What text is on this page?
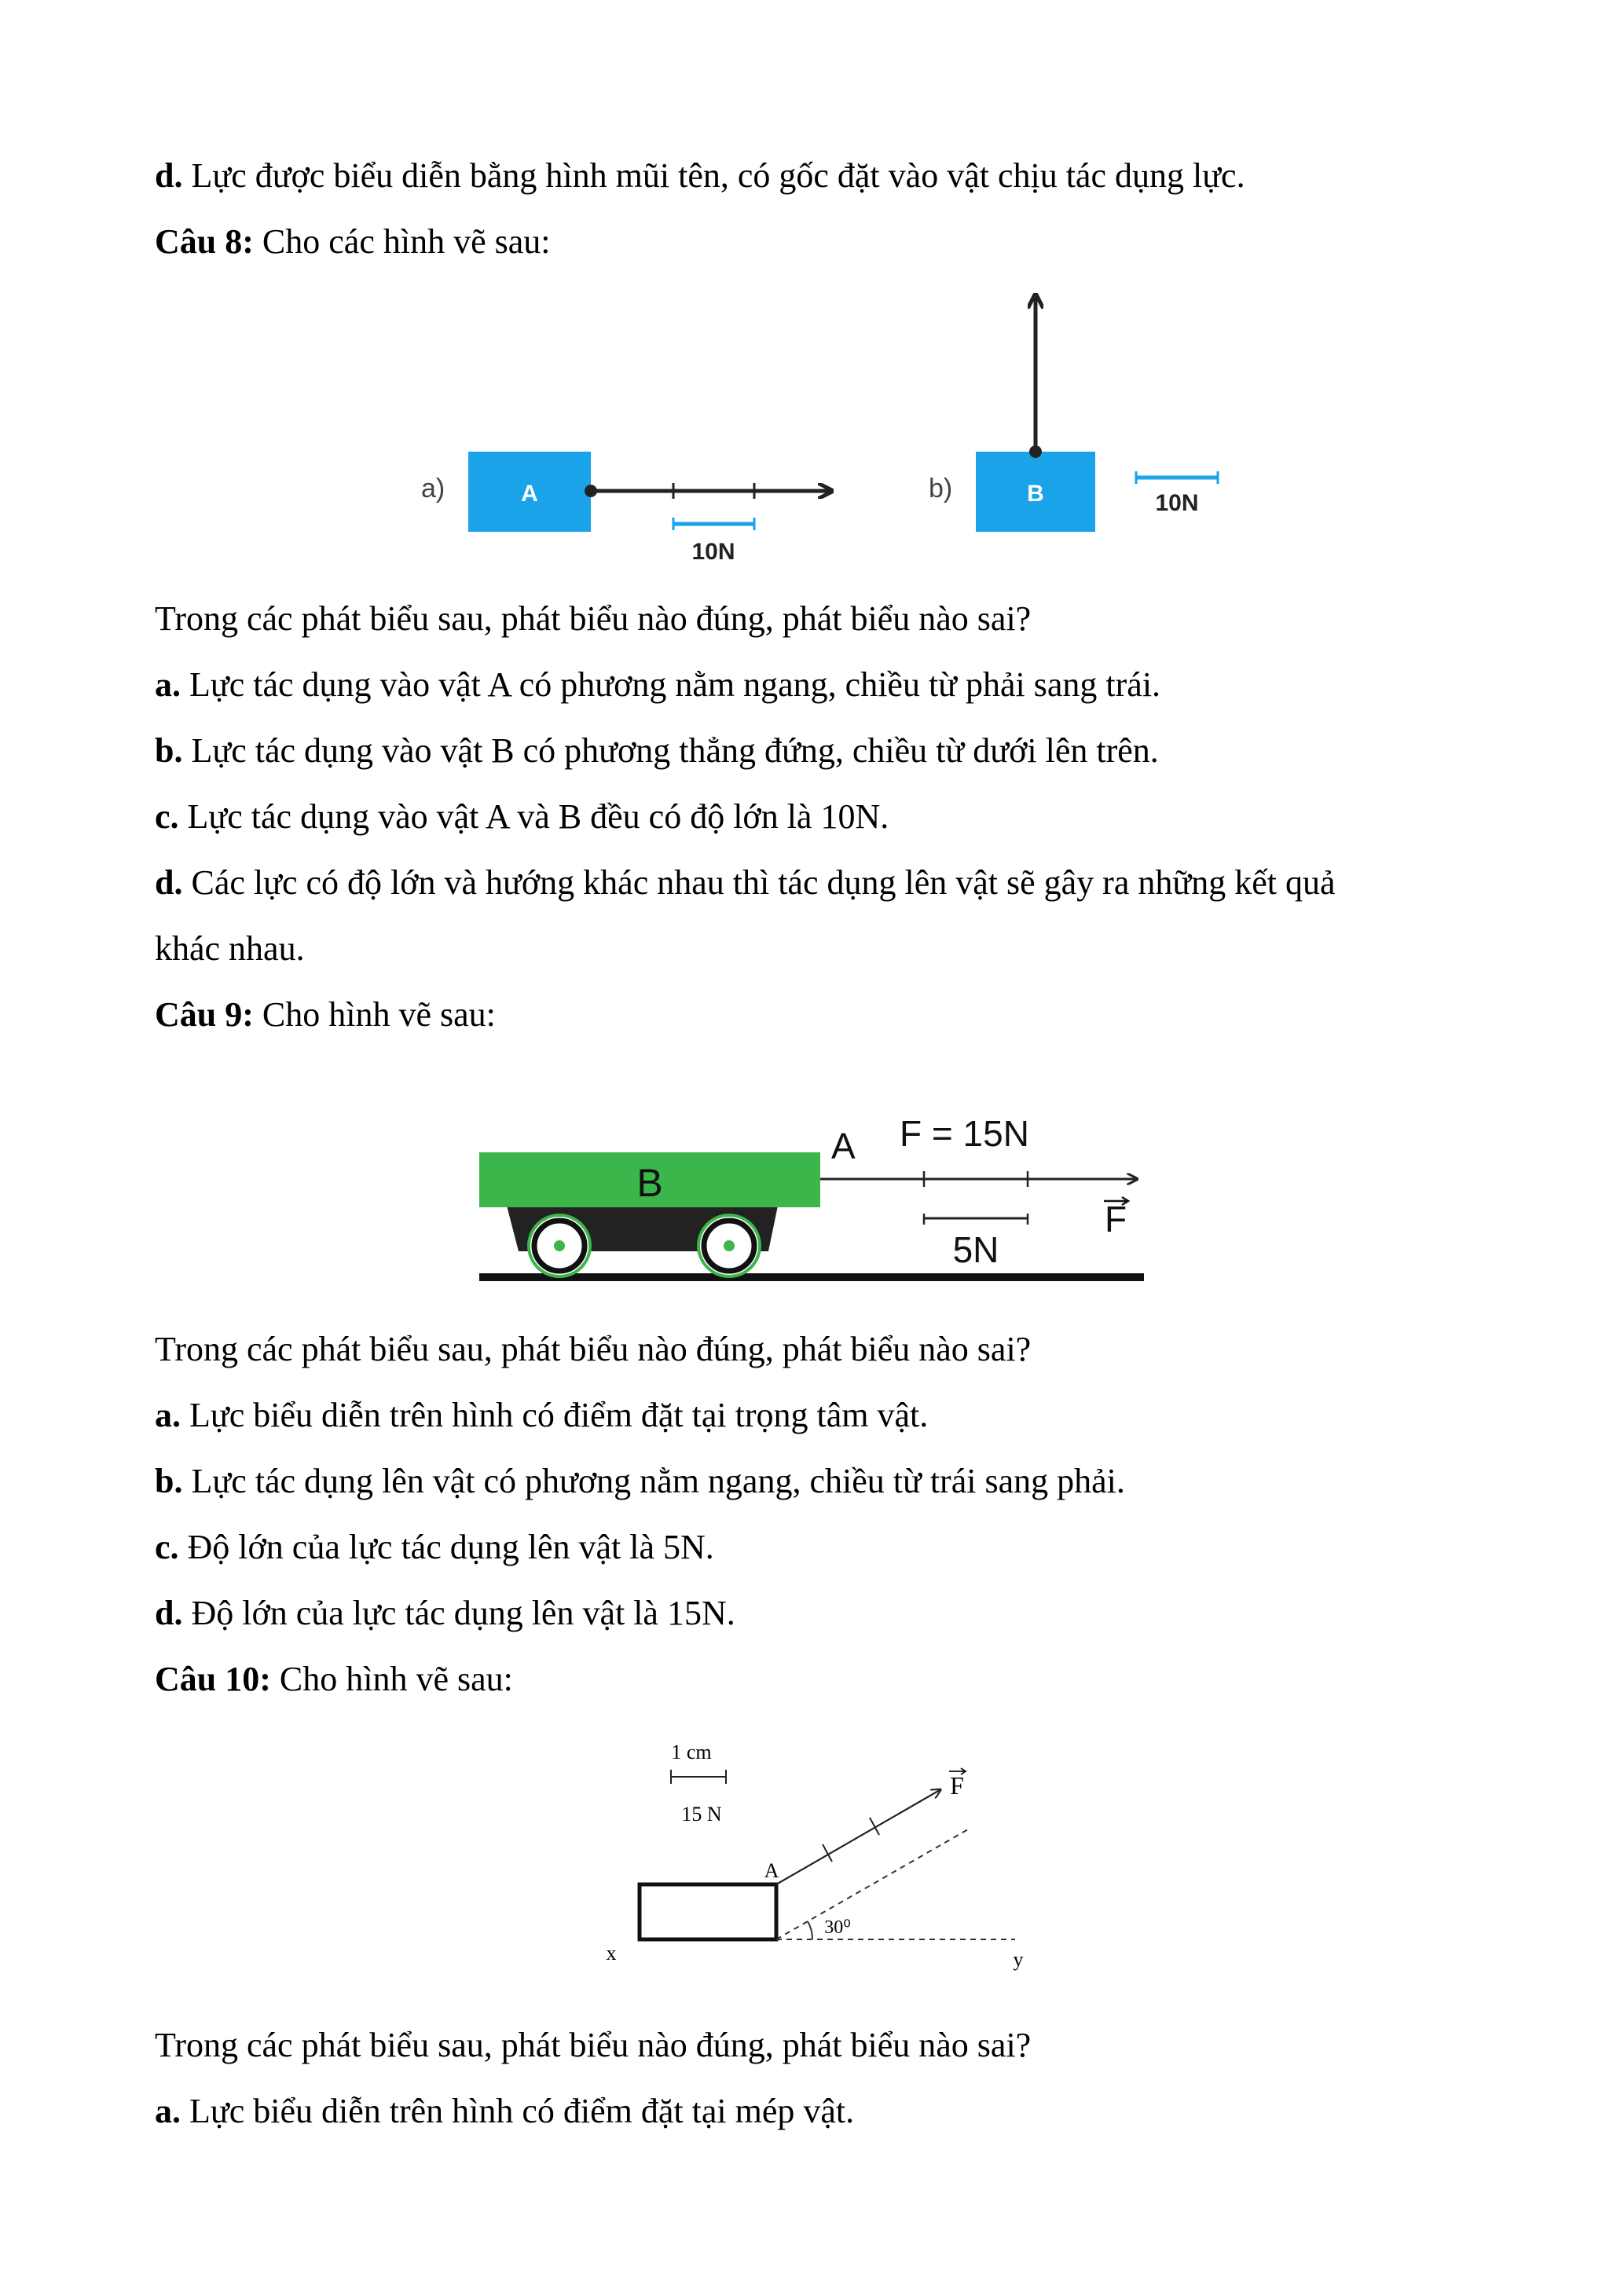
d. Lực được biểu diễn bằng hình mũi tên, có gốc đặt vào vật chịu tác dụng lực.
Câu 8: Cho các hình vẽ sau:
a)	A
10N
b)	B	10N
Trong các phát biểu sau, phát biểu nào đúng, phát biểu nào sai?
a. Lực tác dụng vào vật A có phương nằm ngang, chiều từ phải sang trái.
b. Lực tác dụng vào vật B có phương thẳng đứng, chiều từ dưới lên trên.
c. Lực tác dụng vào vật A và B đều có độ lớn là 10N.
d. Các lực có độ lớn và hướng khác nhau thì tác dụng lên vật sẽ gây ra những kết quả
khác nhau.
Câu 9: Cho hình vẽ sau:
B
A F = 15N
F
5N
Trong các phát biểu sau, phát biểu nào đúng, phát biểu nào sai?
a. Lực biểu diễn trên hình có điểm đặt tại trọng tâm vật.
b. Lực tác dụng lên vật có phương nằm ngang, chiều từ trái sang phải.
c. Độ lớn của lực tác dụng lên vật là 5N.
d. Độ lớn của lực tác dụng lên vật là 15N.
Câu 10: Cho hình vẽ sau:
1 cm
15 N
A
F
30⁰
x	y
Trong các phát biểu sau, phát biểu nào đúng, phát biểu nào sai?
a. Lực biểu diễn trên hình có điểm đặt tại mép vật.
